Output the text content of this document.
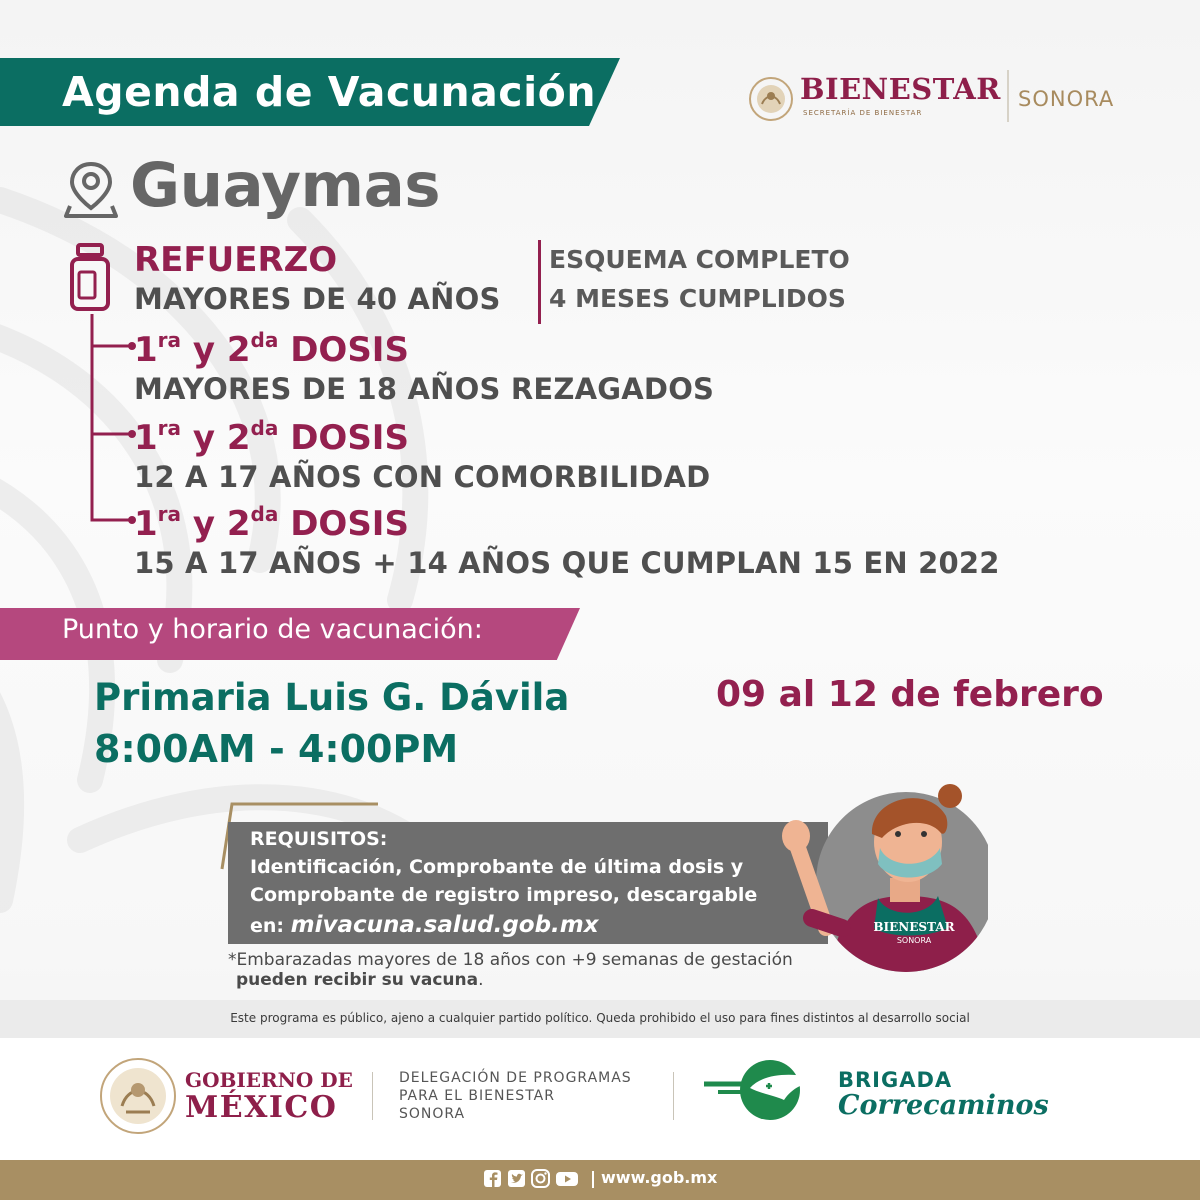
Agenda de Vacunación	BIENESTAR
SECRETARÍA DE BIENESTAR
SONORA
Guaymas
REFUERZO
MAYORES DE 40 AÑOS
ESQUEMA COMPLETO
4 MESES CUMPLIDOS
$1^{ra}$ y $2^{da}$ DOSIS
MAYORES DE 18 AÑOS REZAGADOS
$1^{ra}$ y $2^{da}$ DOSIS
12 A 17 AÑOS CON COMORBILIDAD
$1^{ra}$ y $2^{da}$ DOSIS
15 A 17 AÑOS + 14 AÑOS QUE CUMPLAN 15 EN 2022
Punto y horario de vacunación:
Primaria Luis G. Dávila
8:00AM - 4:00PM
09 al 12 de febrero
REQUISITOS:
Identificación, Comprobante de última dosis y
Comprobante de registro impreso, descargable
en: mivacuna.salud.gob.mx
*Embarazadas mayores de 18 años con +9 semanas de gestación
pueden recibir su vacuna.
BIENESTAR
SONORA
Este programa es público, ajeno a cualquier partido político. Queda prohibido el uso para fines distintos al desarrollo social
GOBIERNO DE
MÉXICO
DELEGACIÓN DE PROGRAMAS
PARA EL BIENESTAR
SONORA
BRIGADA
Correcaminos
www.gob.mx
